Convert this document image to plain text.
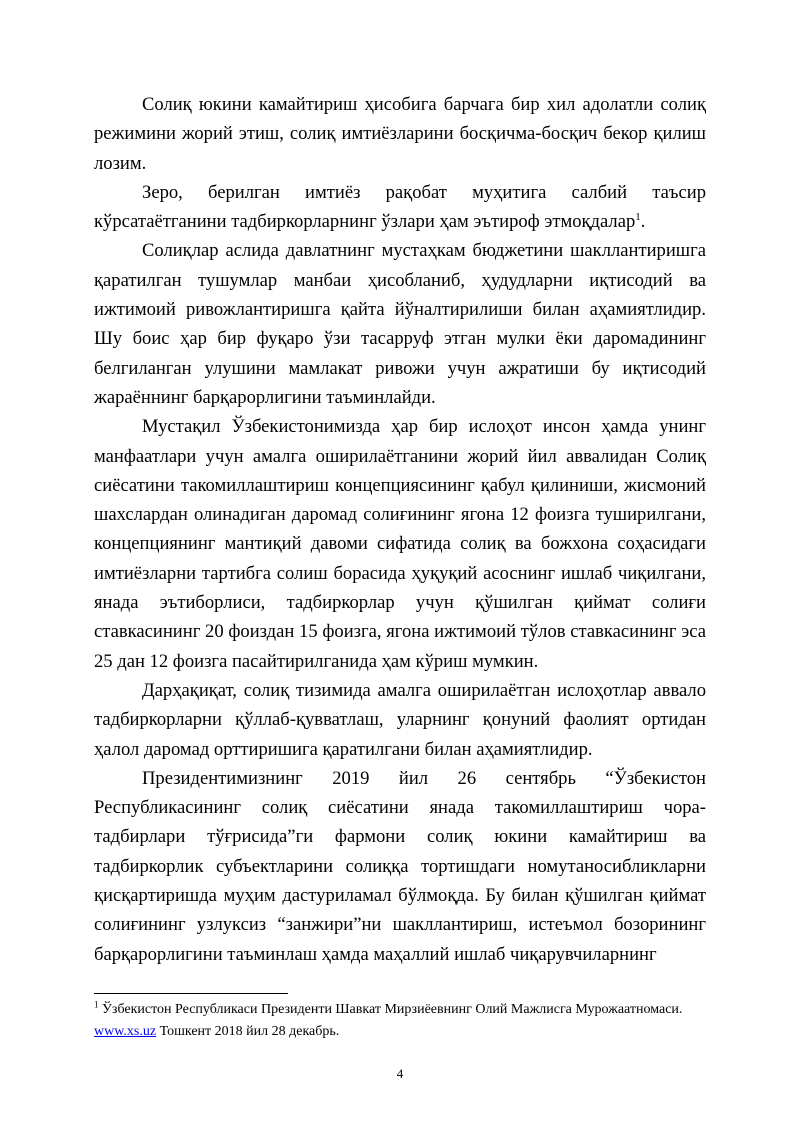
Солиқ юкини камайтириш ҳисобига барчага бир хил адолатли солиқ режимини жорий этиш, солиқ имтиёзларини босқичма-босқич бекор қилиш лозим.

Зеро, берилган имтиёз рақобат муҳитига салбий таъсир кўрсатаётганини тадбиркорларнинг ўзлари ҳам эътироф этмоқдалар$^1$.

Солиқлар аслида давлатнинг мустаҳкам бюджетини шакллантиришга қаратилган тушумлар манбаи ҳисобланиб, ҳудудларни иқтисодий ва ижтимоий ривожлантиришга қайта йўналтирилиши билан аҳамиятлидир. Шу боис ҳар бир фуқаро ўзи тасарруф этган мулки ёки даромадининг белгиланган улушини мамлакат ривожи учун ажратиши бу иқтисодий жараённинг барқарорлигини таъминлайди.

Мустақил Ўзбекистонимизда ҳар бир ислоҳот инсон ҳамда унинг манфаатлари учун амалга оширилаётганини жорий йил аввалидан Солиқ сиёсатини такомиллаштириш концепциясининг қабул қилиниши, жисмоний шахслардан олинадиган даромад солиғининг ягона 12 фоизга туширилгани, концепциянинг мантиқий давоми сифатида солиқ ва божхона соҳасидаги имтиёзларни тартибга солиш борасида ҳуқуқий асоснинг ишлаб чиқилгани, янада эътиборлиси, тадбиркорлар учун қўшилган қиймат солиғи ставкасининг 20 фоиздан 15 фоизга, ягона ижтимоий тўлов ставкасининг эса 25 дан 12 фоизга пасайтирилганида ҳам кўриш мумкин.

Дарҳақиқат, солиқ тизимида амалга оширилаётган ислоҳотлар аввало тадбиркорларни қўллаб-қувватлаш, уларнинг қонуний фаолият ортидан ҳалол даромад орттиришига қаратилгани билан аҳамиятлидир.

Президентимизнинг 2019 йил 26 сентябрь “Ўзбекистон Республикасининг солиқ сиёсатини янада такомиллаштириш чора-тадбирлари тўғрисида”ги фармони солиқ юкини камайтириш ва тадбиркорлик субъектларини солиққа тортишдаги номутаносибликларни қисқартиришда муҳим дастуриламал бўлмоқда. Бу билан қўшилган қиймат солиғининг узлуксиз “занжири”ни шакллантириш, истеъмол бозорининг барқарорлигини таъминлаш ҳамда маҳаллий ишлаб чиқарувчиларнинг

$^1$ Ўзбекистон Республикаси Президенти Шавкат Мирзиёевнинг Олий Мажлисга Мурожаатномаси. www.xs.uz Тошкент 2018 йил 28 декабрь.
4
